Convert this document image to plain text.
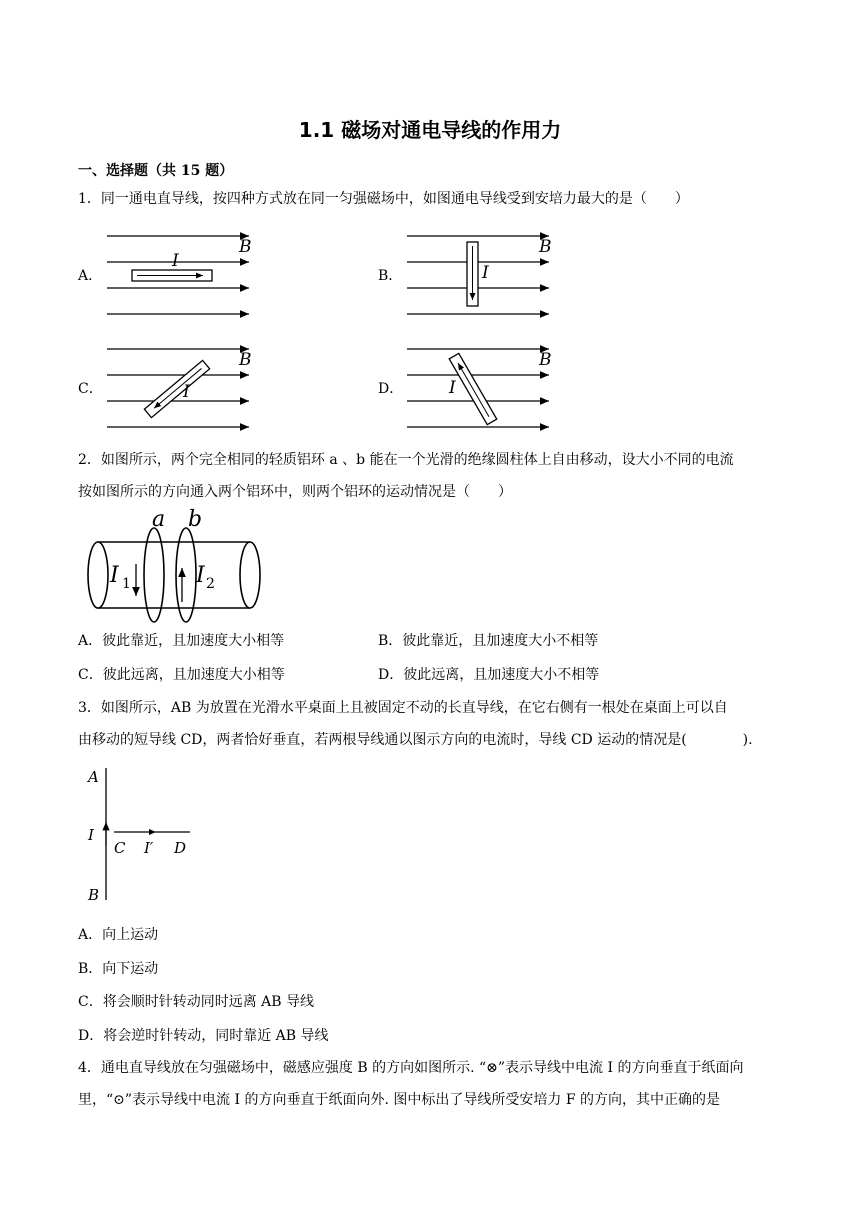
1.1 磁场对通电导线的作用力
一、选择题（共 15 题）
1．同一通电直导线，按四种方式放在同一匀强磁场中，如图通电导线受到安培力最大的是（　　）
A．	B．
C．	D．
B
I
B
I
B
I
B
I
2．如图所示，两个完全相同的轻质铝环 a 、b 能在一个光滑的绝缘圆柱体上自由移动，设大小不同的电流
按如图所示的方向通入两个铝环中，则两个铝环的运动情况是（　　）
a b
I 1	I 2
A．彼此靠近，且加速度大小相等	B．彼此靠近，且加速度大小不相等
C．彼此远离，且加速度大小相等	D．彼此远离，且加速度大小不相等
3．如图所示，AB 为放置在光滑水平桌面上且被固定不动的长直导线，在它右侧有一根处在桌面上可以自
由移动的短导线 CD，两者恰好垂直，若两根导线通以图示方向的电流时，导线 CD 运动的情况是(　　　　).
A
I
B
C I′ D
A．向上运动
B．向下运动
C．将会顺时针转动同时远离 AB 导线
D．将会逆时针转动，同时靠近 AB 导线
4．通电直导线放在匀强磁场中，磁感应强度 B 的方向如图所示. “⊗”表示导线中电流 I 的方向垂直于纸面向
里，“⊙”表示导线中电流 I 的方向垂直于纸面向外. 图中标出了导线所受安培力 F 的方向，其中正确的是
